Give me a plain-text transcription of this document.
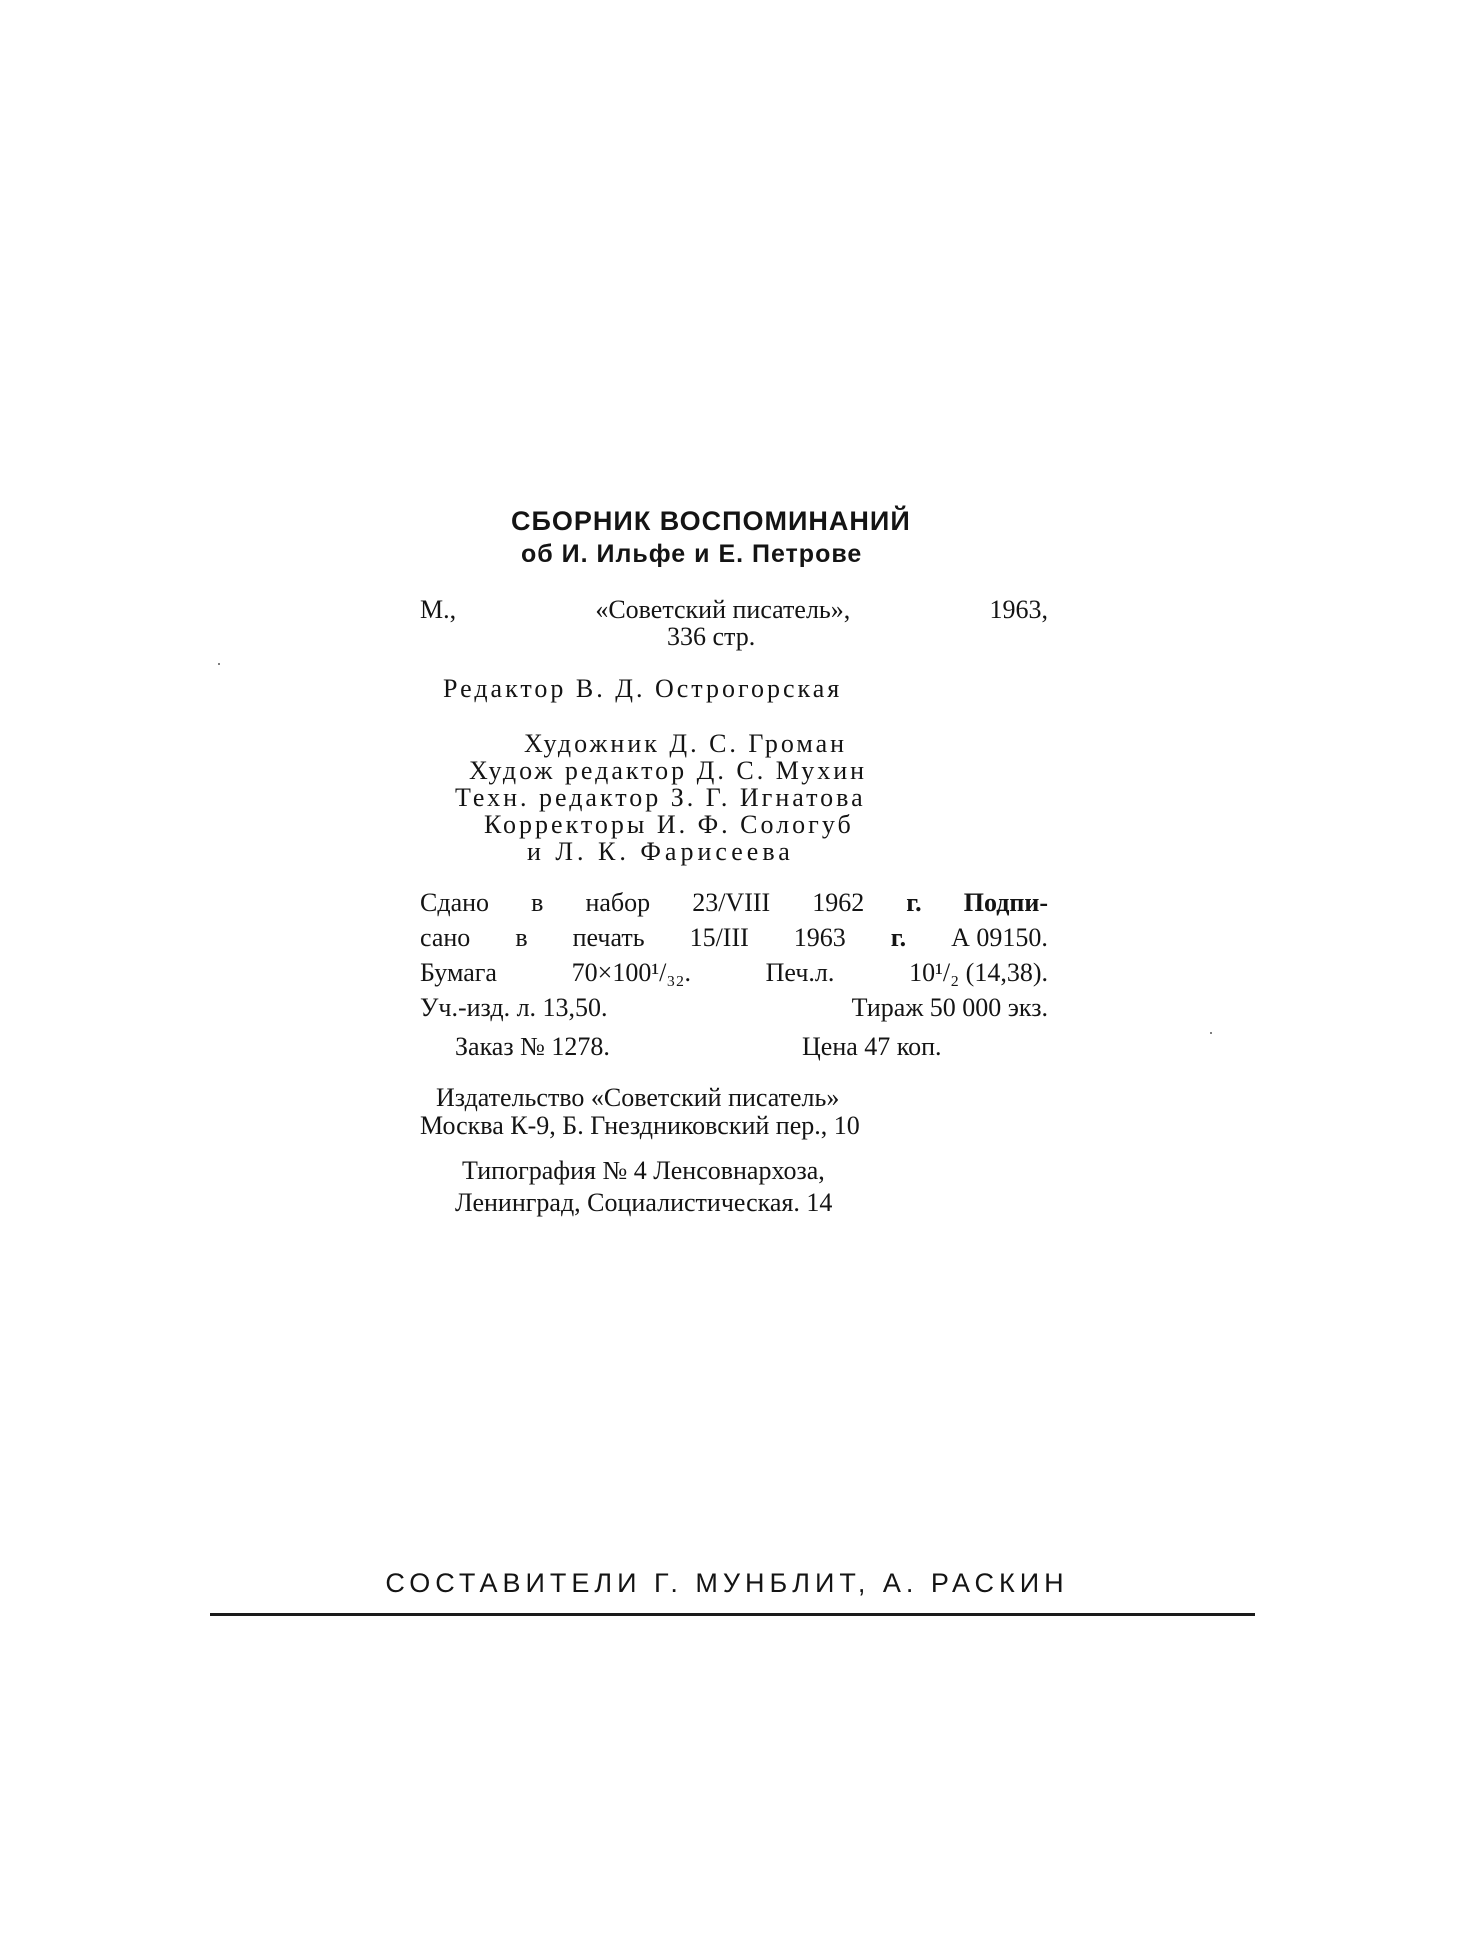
СБОРНИК ВОСПОМИНАНИЙ
об И. Ильфе и Е. Петрове
М.,	«Советский писатель»,	1963,
336 стр.
Редактор В. Д. Острогорская
Художник Д. С. Громан
Худож редактор Д. С. Мухин
Техн. редактор З. Г. Игнатова
Корректоры И. Ф. Сологуб
и Л. К. Фарисеева
Сдано в набор 23/VIII 1962 г. Подпи-
сано в печать 15/III 1963 г. А 09150.
Бумага	70×100¹/₃₂.	Печ.л.	10¹/₂ (14,38).
Уч.-изд. л. 13,50.	Тираж 50 000 экз.
Заказ № 1278.	Цена 47 коп.
Издательство «Советский писатель»
Москва К-9, Б. Гнездниковский пер., 10
Типография № 4 Ленсовнархоза,
Ленинград, Социалистическая. 14
СОСТАВИТЕЛИ Г. МУНБЛИТ, А. РАСКИН
